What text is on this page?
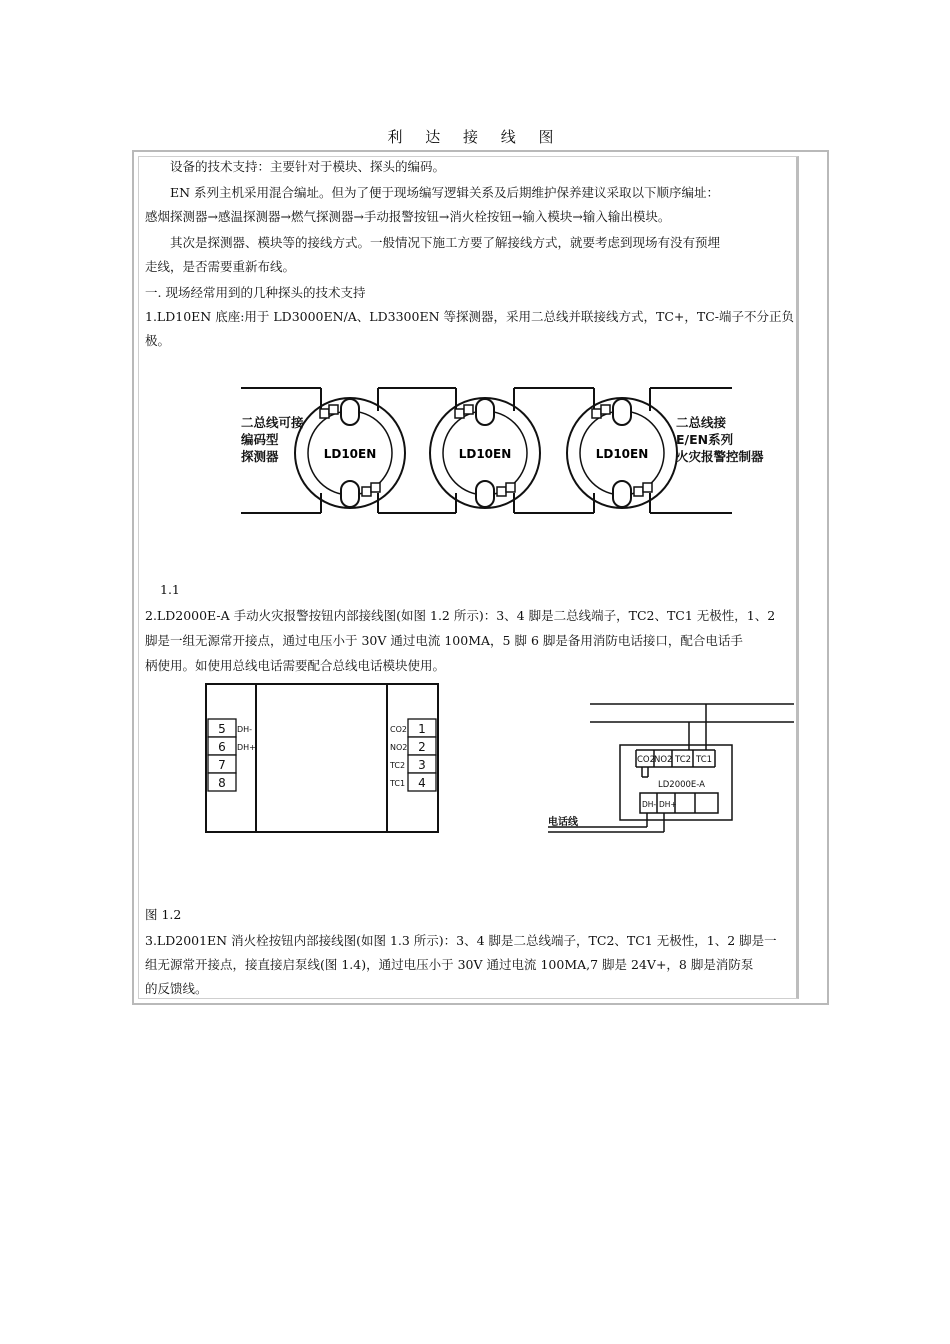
利 达 接 线 图
设备的技术支持：主要针对于模块、探头的编码。
EN 系列主机采用混合编址。但为了便于现场编写逻辑关系及后期维护保养建议采取以下顺序编址：
感烟探测器→感温探测器→燃气探测器→手动报警按钮→消火栓按钮→输入模块→输入输出模块。
其次是探测器、模块等的接线方式。一般情况下施工方要了解接线方式，就要考虑到现场有没有预埋
走线，是否需要重新布线。
一. 现场经常用到的几种探头的技术支持
1.LD10EN 底座:用于 LD3000EN/A、LD3300EN 等探测器，采用二总线并联接线方式，TC+，TC-端子不分正负
极。
LD10EN	LD10EN	LD10EN
二总线可接
编码型
探测器
二总线接
E/EN系列
火灾报警控制器
1.1
2.LD2000E-A 手动火灾报警按钮内部接线图(如图 1.2 所示)：3、4 脚是二总线端子，TC2、TC1 无极性，1、2
脚是一组无源常开接点，通过电压小于 30V 通过电流 100MA，5 脚 6 脚是备用消防电话接口，配合电话手
柄使用。如使用总线电话需要配合总线电话模块使用。
5
6
7
8
1
2
3
4
DH-
DH+
CO2
NO2
TC2
TC1
CO2
NO2 TC2 TC1
LD2000E-A
DH- DH+
电话线
图 1.2
3.LD2001EN 消火栓按钮内部接线图(如图 1.3 所示)：3、4 脚是二总线端子，TC2、TC1 无极性，1、2 脚是一
组无源常开接点，接直接启泵线(图 1.4)，通过电压小于 30V 通过电流 100MA,7 脚是 24V+，8 脚是消防泵
的反馈线。
